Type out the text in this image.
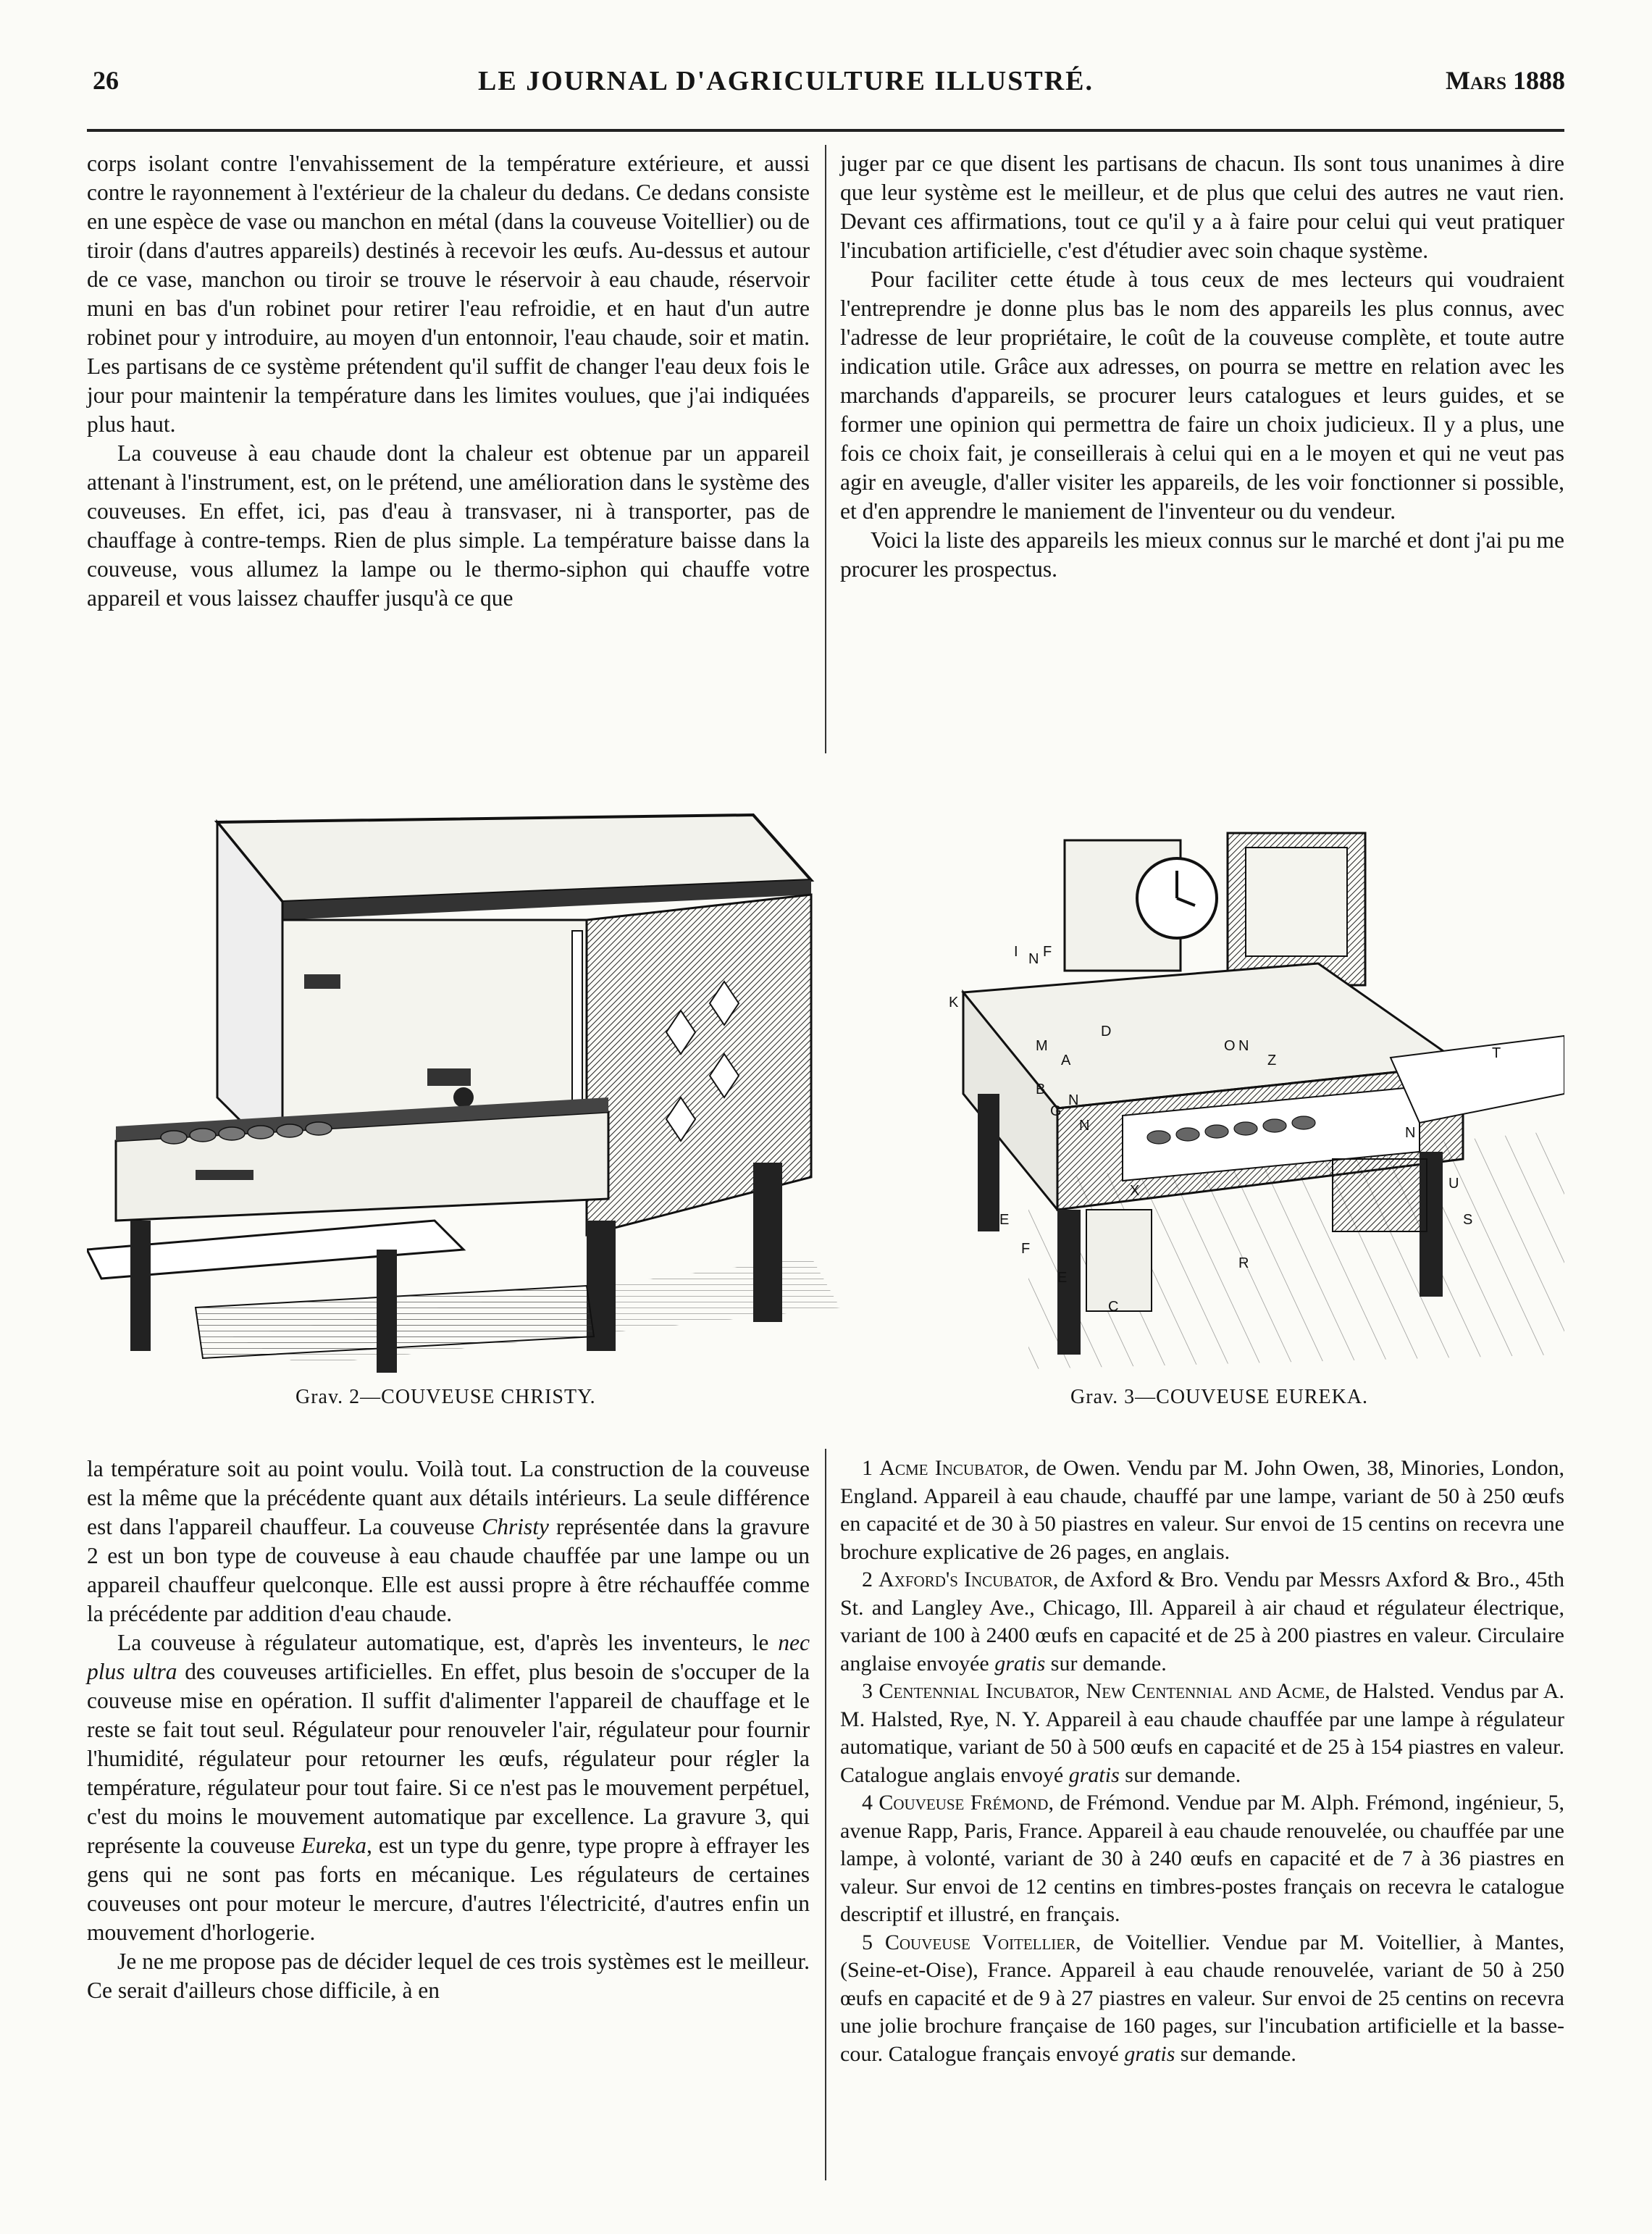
26	LE JOURNAL D'AGRICULTURE ILLUSTRÉ.	Mars 1888

corps isolant contre l'envahissement de la température extérieure, et aussi contre le rayonnement à l'extérieur de la chaleur du dedans. Ce dedans consiste en une espèce de vase ou manchon en métal (dans la couveuse Voitellier) ou de tiroir (dans d'autres appareils) destinés à recevoir les œufs. Au-dessus et autour de ce vase, manchon ou tiroir se trouve le réservoir à eau chaude, réservoir muni en bas d'un robinet pour retirer l'eau refroidie, et en haut d'un autre robinet pour y introduire, au moyen d'un entonnoir, l'eau chaude, soir et matin. Les partisans de ce système prétendent qu'il suffit de changer l'eau deux fois le jour pour maintenir la température dans les limites voulues, que j'ai indiquées plus haut.

La couveuse à eau chaude dont la chaleur est obtenue par un appareil attenant à l'instrument, est, on le prétend, une amélioration dans le système des couveuses. En effet, ici, pas d'eau à transvaser, ni à transporter, pas de chauffage à contre-temps. Rien de plus simple. La température baisse dans la couveuse, vous allumez la lampe ou le thermo-siphon qui chauffe votre appareil et vous laissez chauffer jusqu'à ce que

juger par ce que disent les partisans de chacun. Ils sont tous unanimes à dire que leur système est le meilleur, et de plus que celui des autres ne vaut rien. Devant ces affirmations, tout ce qu'il y a à faire pour celui qui veut pratiquer l'incubation artificielle, c'est d'étudier avec soin chaque système.

Pour faciliter cette étude à tous ceux de mes lecteurs qui voudraient l'entreprendre je donne plus bas le nom des appareils les plus connus, avec l'adresse de leur propriétaire, le coût de la couveuse complète, et toute autre indication utile. Grâce aux adresses, on pourra se mettre en relation avec les marchands d'appareils, se procurer leurs catalogues et leurs guides, et se former une opinion qui permettra de faire un choix judicieux. Il y a plus, une fois ce choix fait, je conseillerais à celui qui en a le moyen et qui ne veut pas agir en aveugle, d'aller visiter les appareils, de les voir fonctionner si possible, et d'en apprendre le maniement de l'inventeur ou du vendeur.

Voici la liste des appareils les mieux connus sur le marché et dont j'ai pu me procurer les prospectus.

Grav. 2—COUVEUSE CHRISTY.
I N F
K
M
A
B
G
N
N
D
O N
Z	T
X
E
F
E
C
R
S
U
N
Grav. 3—COUVEUSE EUREKA.

la température soit au point voulu. Voilà tout. La construction de la couveuse est la même que la précédente quant aux détails intérieurs. La seule différence est dans l'appareil chauffeur. La couveuse Christy représentée dans la gravure 2 est un bon type de couveuse à eau chaude chauffée par une lampe ou un appareil chauffeur quelconque. Elle est aussi propre à être réchauffée comme la précédente par addition d'eau chaude.

La couveuse à régulateur automatique, est, d'après les inventeurs, le nec plus ultra des couveuses artificielles. En effet, plus besoin de s'occuper de la couveuse mise en opération. Il suffit d'alimenter l'appareil de chauffage et le reste se fait tout seul. Régulateur pour renouveler l'air, régulateur pour fournir l'humidité, régulateur pour retourner les œufs, régulateur pour régler la température, régulateur pour tout faire. Si ce n'est pas le mouvement perpétuel, c'est du moins le mouvement automatique par excellence. La gravure 3, qui représente la couveuse Eureka, est un type du genre, type propre à effrayer les gens qui ne sont pas forts en mécanique. Les régulateurs de certaines couveuses ont pour moteur le mercure, d'autres l'électricité, d'autres enfin un mouvement d'horlogerie.

Je ne me propose pas de décider lequel de ces trois systèmes est le meilleur. Ce serait d'ailleurs chose difficile, à en

1 Acme Incubator, de Owen. Vendu par M. John Owen, 38, Minories, London, England. Appareil à eau chaude, chauffé par une lampe, variant de 50 à 250 œufs en capacité et de 30 à 50 piastres en valeur. Sur envoi de 15 centins on recevra une brochure explicative de 26 pages, en anglais.

2 Axford's Incubator, de Axford & Bro. Vendu par Messrs Axford & Bro., 45th St. and Langley Ave., Chicago, Ill. Appareil à air chaud et régulateur électrique, variant de 100 à 2400 œufs en capacité et de 25 à 200 piastres en valeur. Circulaire anglaise envoyée gratis sur demande.

3 Centennial Incubator, New Centennial and Acme, de Halsted. Vendus par A. M. Halsted, Rye, N. Y. Appareil à eau chaude chauffée par une lampe à régulateur automatique, variant de 50 à 500 œufs en capacité et de 25 à 154 piastres en valeur. Catalogue anglais envoyé gratis sur demande.

4 Couveuse Frémond, de Frémond. Vendue par M. Alph. Frémond, ingénieur, 5, avenue Rapp, Paris, France. Appareil à eau chaude renouvelée, ou chauffée par une lampe, à volonté, variant de 30 à 240 œufs en capacité et de 7 à 36 piastres en valeur. Sur envoi de 12 centins en timbres-postes français on recevra le catalogue descriptif et illustré, en français.

5 Couveuse Voitellier, de Voitellier. Vendue par M. Voitellier, à Mantes, (Seine-et-Oise), France. Appareil à eau chaude renouvelée, variant de 50 à 250 œufs en capacité et de 9 à 27 piastres en valeur. Sur envoi de 25 centins on recevra une jolie brochure française de 160 pages, sur l'incubation artificielle et la basse-cour. Catalogue français envoyé gratis sur demande.
